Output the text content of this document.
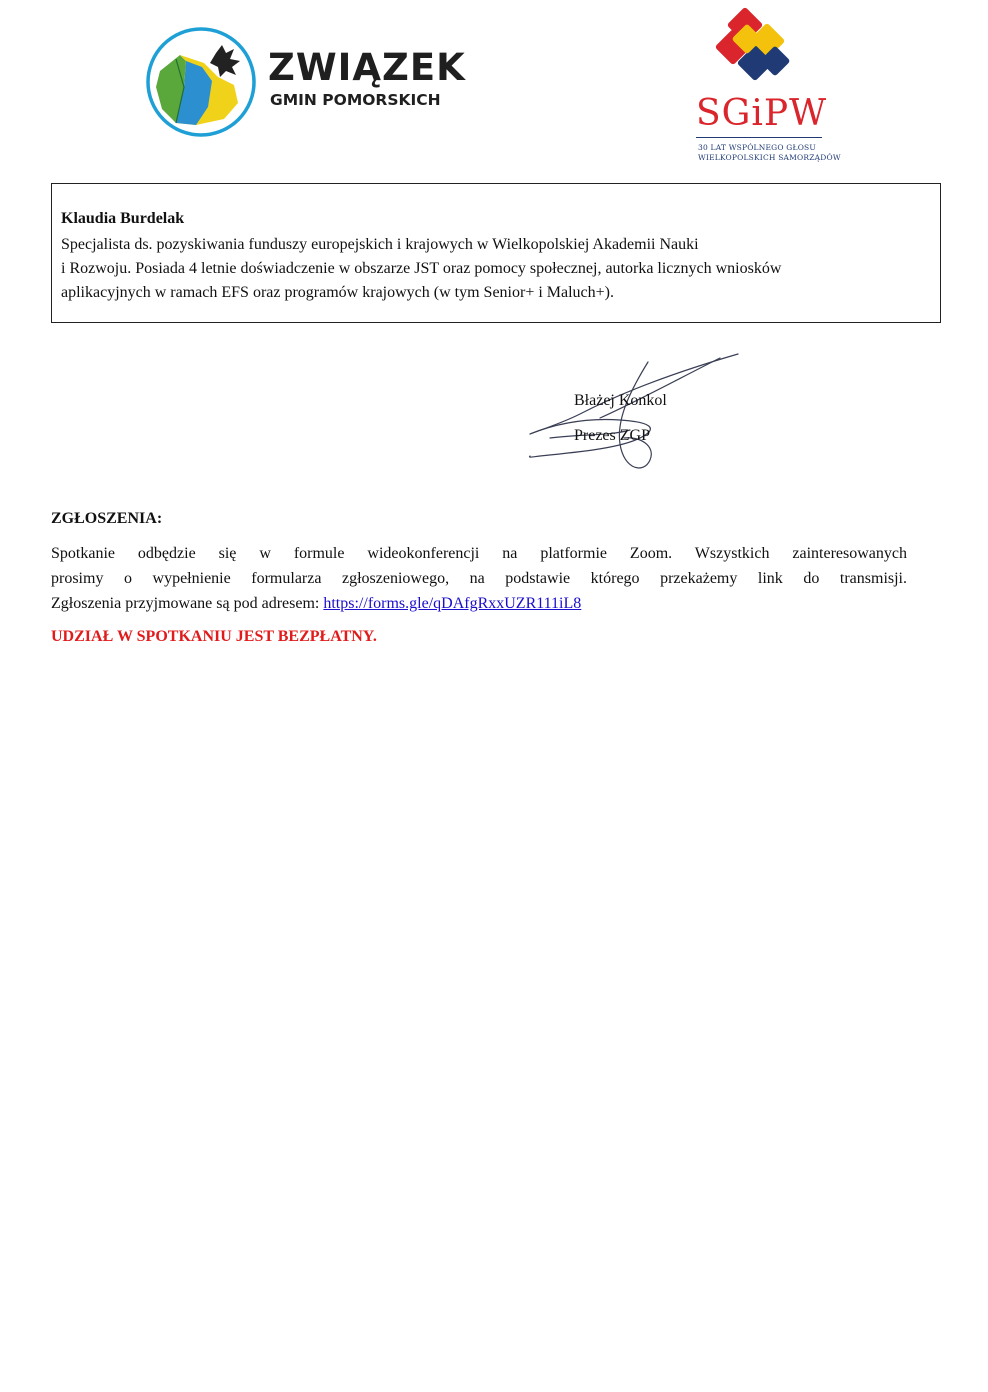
ZWIĄZEK
GMIN POMORSKICH	SGiPW
30 LAT WSPÓLNEGO GŁOSU
WIELKOPOLSKICH SAMORZĄDÓW
Klaudia Burdelak
Specjalista ds. pozyskiwania funduszy europejskich i krajowych w Wielkopolskiej Akademii Nauki
i Rozwoju. Posiada 4 letnie doświadczenie w obszarze JST oraz pomocy społecznej, autorka licznych wniosków
aplikacyjnych w ramach EFS oraz programów krajowych (w tym Senior+ i Maluch+).
Błażej Konkol
Prezes ZGP
ZGŁOSZENIA:
Spotkanie odbędzie się w formule wideokonferencji na platformie Zoom. Wszystkich zainteresowanych
prosimy o wypełnienie formularza zgłoszeniowego, na podstawie którego przekażemy link do transmisji.
Zgłoszenia przyjmowane są pod adresem: https://forms.gle/qDAfgRxxUZR111iL8
UDZIAŁ W SPOTKANIU JEST BEZPŁATNY.
